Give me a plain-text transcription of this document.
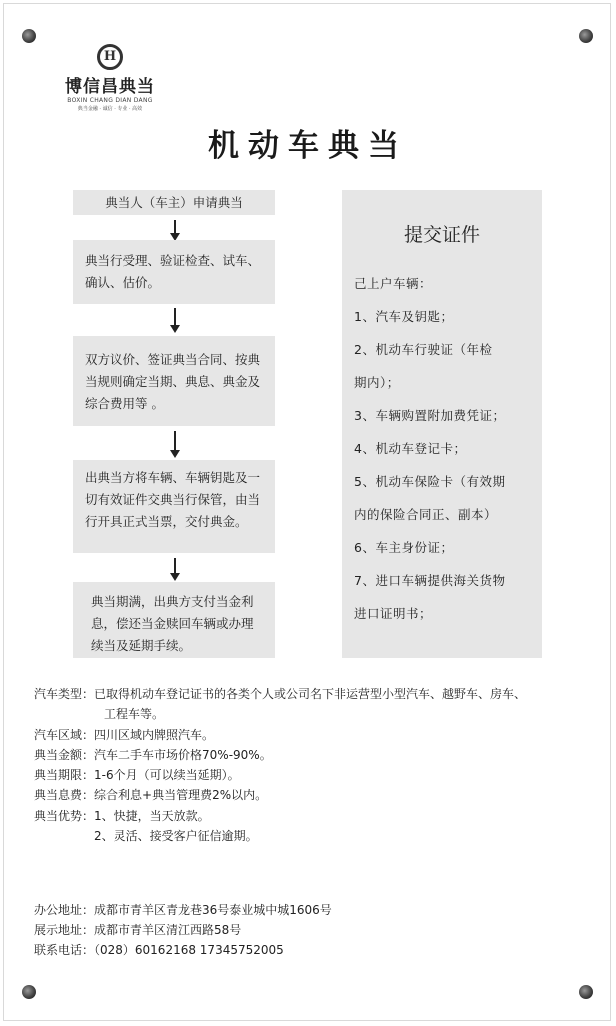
H
博信昌典当
BOXIN CHANG DIAN DANG
典当金融 · 诚信 · 专业 · 高效
机动车典当
典当人（车主）申请典当
典当行受理、验证检查、试车、确认、估价。
双方议价、签证典当合同、按典当规则确定当期、典息、典金及综合费用等 。
出典当方将车辆、车辆钥匙及一切有效证件交典当行保管，由当行开具正式当票，交付典金。
典当期满，出典方支付当金利息，偿还当金赎回车辆或办理续当及延期手续。
提交证件
己上户车辆：
1、汽车及钥匙；
2、机动车行驶证（年检
期内）；
3、车辆购置附加费凭证；
4、机动车登记卡；
5、机动车保险卡（有效期
内的保险合同正、副本）
6、车主身份证；
7、进口车辆提供海关货物
进口证明书；
汽车类型： 已取得机动车登记证书的各类个人或公司名下非运营型小型汽车、越野车、房车、
工程车等。
汽车区域： 四川区域内牌照汽车。
典当金额： 汽车二手车市场价格70%-90%。
典当期限： 1-6个月（可以续当延期）。
典当息费： 综合利息+典当管理费2%以内。
典当优势： 1、快捷，当天放款。
2、灵活、接受客户征信逾期。
办公地址：成都市青羊区青龙巷36号泰业城中城1606号
展示地址：成都市青羊区清江西路58号
联系电话：（028）60162168 17345752005
